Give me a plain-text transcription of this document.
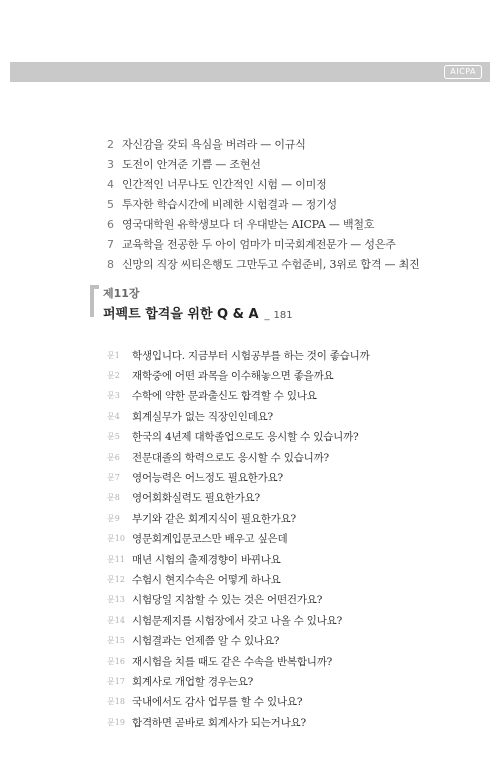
AICPA
2 자신감을 갖되 욕심을 버려라 — 이규식
3 도전이 안겨준 기쁨 — 조현선
4 인간적인 너무나도 인간적인 시험 — 이미정
5 투자한 학습시간에 비례한 시험결과 — 정기성
6 영국대학원 유학생보다 더 우대받는 AICPA — 백철호
7 교육학을 전공한 두 아이 엄마가 미국회계전문가 — 성은주
8 신망의 직장 씨티은행도 그만두고 수험준비, 3위로 합격 — 최진
제11장
퍼펙트 합격을 위한 Q & A _ 181
문1	학생입니다. 지금부터 시험공부를 하는 것이 좋습니까
문2	재학중에 어떤 과목을 이수해놓으면 좋을까요
문3	수학에 약한 문과출신도 합격할 수 있나요
문4	회계실무가 없는 직장인인데요?
문5	한국의 4년제 대학졸업으로도 응시할 수 있습니까?
문6	전문대졸의 학력으로도 응시할 수 있습니까?
문7	영어능력은 어느정도 필요한가요?
문8	영어회화실력도 필요한가요?
문9	부기와 같은 회계지식이 필요한가요?
문10 영문회계입문코스만 배우고 싶은데
문11 매년 시험의 출제경향이 바뀌나요
문12 수험시 현지수속은 어떻게 하나요
문13 시험당일 지참할 수 있는 것은 어떤건가요?
문14 시험문제지를 시험장에서 갖고 나올 수 있나요?
문15 시험결과는 언제쯤 알 수 있나요?
문16 재시험을 치를 때도 같은 수속을 반복합니까?
문17 회계사로 개업할 경우는요?
문18 국내에서도 감사 업무를 할 수 있나요?
문19 합격하면 곧바로 회계사가 되는거나요?
